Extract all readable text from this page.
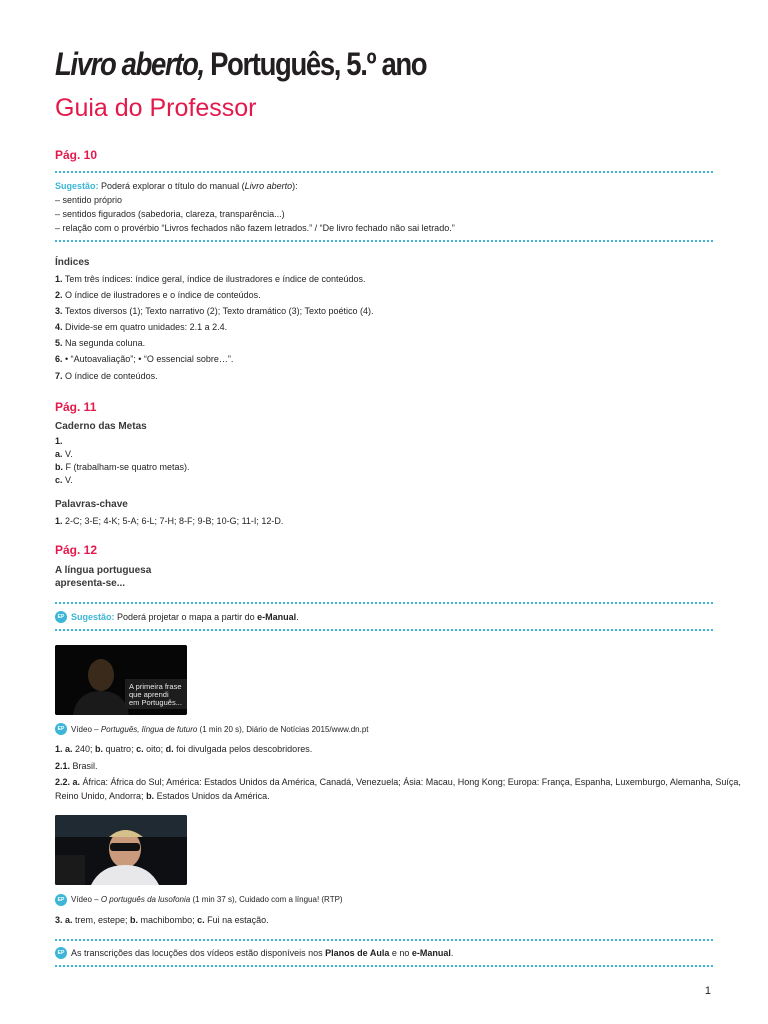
Livro aberto, Português, 5.º ano
Guia do Professor
Pág. 10
Sugestão: Poderá explorar o título do manual (Livro aberto):
– sentido próprio
– sentidos figurados (sabedoria, clareza, transparência...)
– relação com o provérbio “Livros fechados não fazem letrados.” / “De livro fechado não sai letrado.”
Índices
1. Tem três índices: índice geral, índice de ilustradores e índice de conteúdos.
2. O índice de ilustradores e o índice de conteúdos.
3. Textos diversos (1); Texto narrativo (2); Texto dramático (3); Texto poético (4).
4. Divide-se em quatro unidades: 2.1 a 2.4.
5. Na segunda coluna.
6. • “Autoavaliação”; • “O essencial sobre…”.
7. O índice de conteúdos.
Pág. 11
Caderno das Metas
1.
a. V.
b. F (trabalham-se quatro metas).
c. V.
Palavras-chave
1. 2-C; 3-E; 4-K; 5-A; 6-L; 7-H; 8-F; 9-B; 10-G; 11-I; 12-D.
Pág. 12
A língua portuguesa
apresenta-se...
EP Sugestão: Poderá projetar o mapa a partir do e-Manual.
A primeira frase
que aprendi
em Português...
EP Vídeo – Português, língua de futuro (1 min 20 s), Diário de Notícias 2015/www.dn.pt
1. a. 240; b. quatro; c. oito; d. foi divulgada pelos descobridores.
2.1. Brasil.
2.2. a. África: África do Sul; América: Estados Unidos da América, Canadá, Venezuela; Ásia: Macau, Hong Kong; Europa: França, Espanha, Luxemburgo, Alemanha, Suíça,
Reino Unido, Andorra; b. Estados Unidos da América.
EP Vídeo – O português da lusofonia (1 min 37 s), Cuidado com a língua! (RTP)
3. a. trem, estepe; b. machibombo; c. Fui na estação.
EP As transcrições das locuções dos vídeos estão disponíveis nos Planos de Aula e no e-Manual.
1
